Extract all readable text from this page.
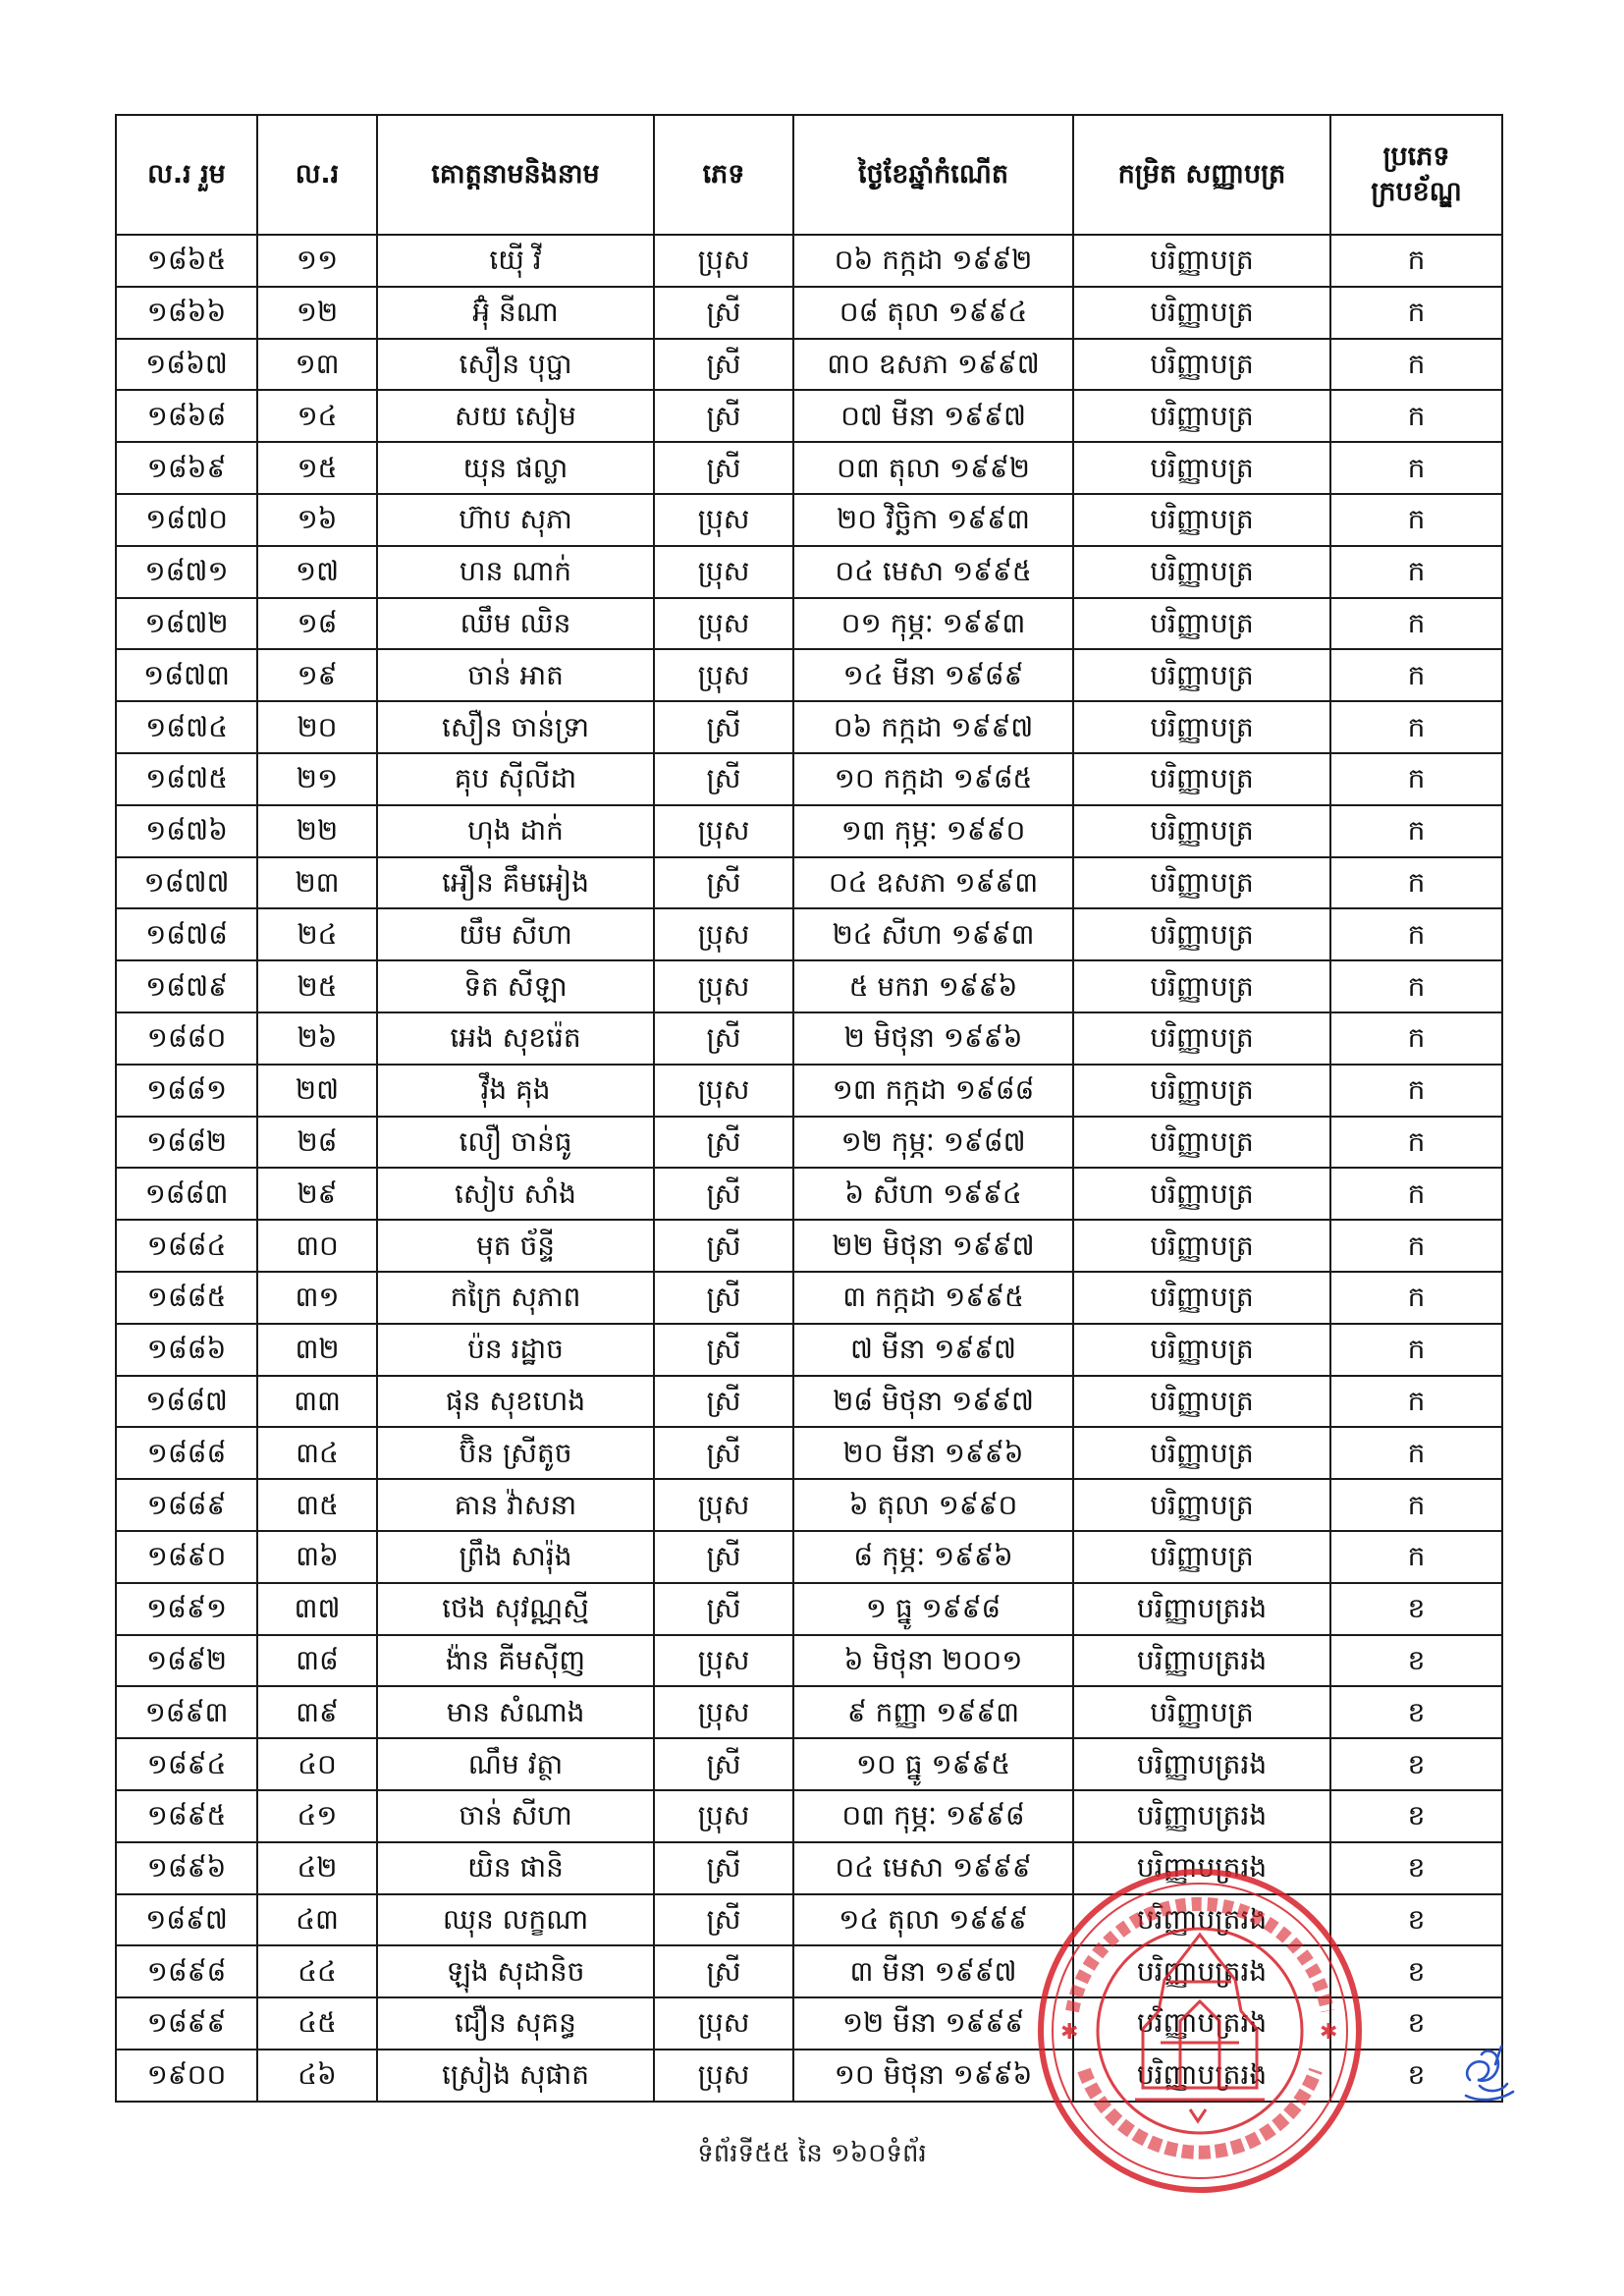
ល.រ រួម	ល.រ	គោត្តនាមនិងនាម	ភេទ	ថ្ងៃខែឆ្នាំកំណើត	កម្រិត សញ្ញាបត្រ	ប្រភេទ ក្របខ័ណ្ឌ
១៨៦៥	១១	យ៉ើ វី	ប្រុស	០៦ កក្កដា ១៩៩២	បរិញ្ញាបត្រ	ក
១៨៦៦	១២	អ៊ុំ នីណា	ស្រី	០៨ តុលា ១៩៩៤	បរិញ្ញាបត្រ	ក
១៨៦៧	១៣	សឿន បុប្ផា	ស្រី	៣០ ឧសភា ១៩៩៧	បរិញ្ញាបត្រ	ក
១៨៦៨	១៤	សយ សៀម	ស្រី	០៧ មីនា ១៩៩៧	បរិញ្ញាបត្រ	ក
១៨៦៩	១៥	យុន ផល្លា	ស្រី	០៣ តុលា ១៩៩២	បរិញ្ញាបត្រ	ក
១៨៧០	១៦	ហ៊ាប សុភា	ប្រុស	២០ វិច្ឆិកា ១៩៩៣	បរិញ្ញាបត្រ	ក
១៨៧១	១៧	ហន ណាក់	ប្រុស	០៤ មេសា ១៩៩៥	បរិញ្ញាបត្រ	ក
១៨៧២	១៨	ឈឹម ឈិន	ប្រុស	០១ កុម្ភៈ ១៩៩៣	បរិញ្ញាបត្រ	ក
១៨៧៣	១៩	ចាន់ អាត	ប្រុស	១៤ មីនា ១៩៨៩	បរិញ្ញាបត្រ	ក
១៨៧៤	២០	សឿន ចាន់ទ្រា	ស្រី	០៦ កក្កដា ១៩៩៧	បរិញ្ញាបត្រ	ក
១៨៧៥	២១	គុប ស៊ីលីដា	ស្រី	១០ កក្កដា ១៩៨៥	បរិញ្ញាបត្រ	ក
១៨៧៦	២២	ហុង ដាក់	ប្រុស	១៣ កុម្ភៈ ១៩៩០	បរិញ្ញាបត្រ	ក
១៨៧៧	២៣	អឿន គឹមអៀង	ស្រី	០៤ ឧសភា ១៩៩៣	បរិញ្ញាបត្រ	ក
១៨៧៨	២៤	យឹម សីហា	ប្រុស	២៤ សីហា ១៩៩៣	បរិញ្ញាបត្រ	ក
១៨៧៩	២៥	ទិត សីឡា	ប្រុស	៥ មករា ១៩៩៦	បរិញ្ញាបត្រ	ក
១៨៨០	២៦	អេង សុខរ៉េត	ស្រី	២ មិថុនា ១៩៩៦	បរិញ្ញាបត្រ	ក
១៨៨១	២៧	វ៉ឹង គុង	ប្រុស	១៣ កក្កដា ១៩៨៨	បរិញ្ញាបត្រ	ក
១៨៨២	២៨	លឿ ចាន់ធូ	ស្រី	១២ កុម្ភៈ ១៩៨៧	បរិញ្ញាបត្រ	ក
១៨៨៣	២៩	សៀប សាំង	ស្រី	៦ សីហា ១៩៩៤	បរិញ្ញាបត្រ	ក
១៨៨៤	៣០	មុត ច័ន្ទី	ស្រី	២២ មិថុនា ១៩៩៧	បរិញ្ញាបត្រ	ក
១៨៨៥	៣១	កក្រៃ សុភាព	ស្រី	៣ កក្កដា ១៩៩៥	បរិញ្ញាបត្រ	ក
១៨៨៦	៣២	ប៉ន រដ្ឋាច	ស្រី	៧ មីនា ១៩៩៧	បរិញ្ញាបត្រ	ក
១៨៨៧	៣៣	ផុន សុខហេង	ស្រី	២៨ មិថុនា ១៩៩៧	បរិញ្ញាបត្រ	ក
១៨៨៨	៣៤	ប៊ិន ស្រីតូច	ស្រី	២០ មីនា ១៩៩៦	បរិញ្ញាបត្រ	ក
១៨៨៩	៣៥	គាន វ៉ាសនា	ប្រុស	៦ តុលា ១៩៩០	បរិញ្ញាបត្រ	ក
១៨៩០	៣៦	ព្រឹង សារ៉ុង	ស្រី	៨ កុម្ភៈ ១៩៩៦	បរិញ្ញាបត្រ	ក
១៨៩១	៣៧	ថេង សុវណ្ណស្មី	ស្រី	១ ធ្នូ ១៩៩៨	បរិញ្ញាបត្ររង	ខ
១៨៩២	៣៨	ង៉ាន គីមស៊ីញ	ប្រុស	៦ មិថុនា ២០០១	បរិញ្ញាបត្ររង	ខ
១៨៩៣	៣៩	មាន សំណាង	ប្រុស	៩ កញ្ញា ១៩៩៣	បរិញ្ញាបត្រ	ខ
១៨៩៤	៤០	ណឹម វត្ថា	ស្រី	១០ ធ្នូ ១៩៩៥	បរិញ្ញាបត្ររង	ខ
១៨៩៥	៤១	ចាន់ សីហា	ប្រុស	០៣ កុម្ភៈ ១៩៩៨	បរិញ្ញាបត្ររង	ខ
១៨៩៦	៤២	យិន ផានិ	ស្រី	០៤ មេសា ១៩៩៩	បរិញ្ញាបត្ររង	ខ
១៨៩៧	៤៣	ឈុន លក្ខណា	ស្រី	១៤ តុលា ១៩៩៩	បរិញ្ញាបត្ររង	ខ
១៨៩៨	៤៤	ឡុង សុដានិច	ស្រី	៣ មីនា ១៩៩៧	បរិញ្ញាបត្ររង	ខ
១៨៩៩	៤៥	ជឿន សុគន្ធ	ប្រុស	១២ មីនា ១៩៩៩	បរិញ្ញាបត្ររង	ខ
១៩០០	៤៦	ស្រៀង សុផាត	ប្រុស	១០ មិថុនា ១៩៩៦	បរិញ្ញាបត្ររង	ខ
ទំព័រទី៥៥ នៃ ១៦០ទំព័រ
✱	✱
